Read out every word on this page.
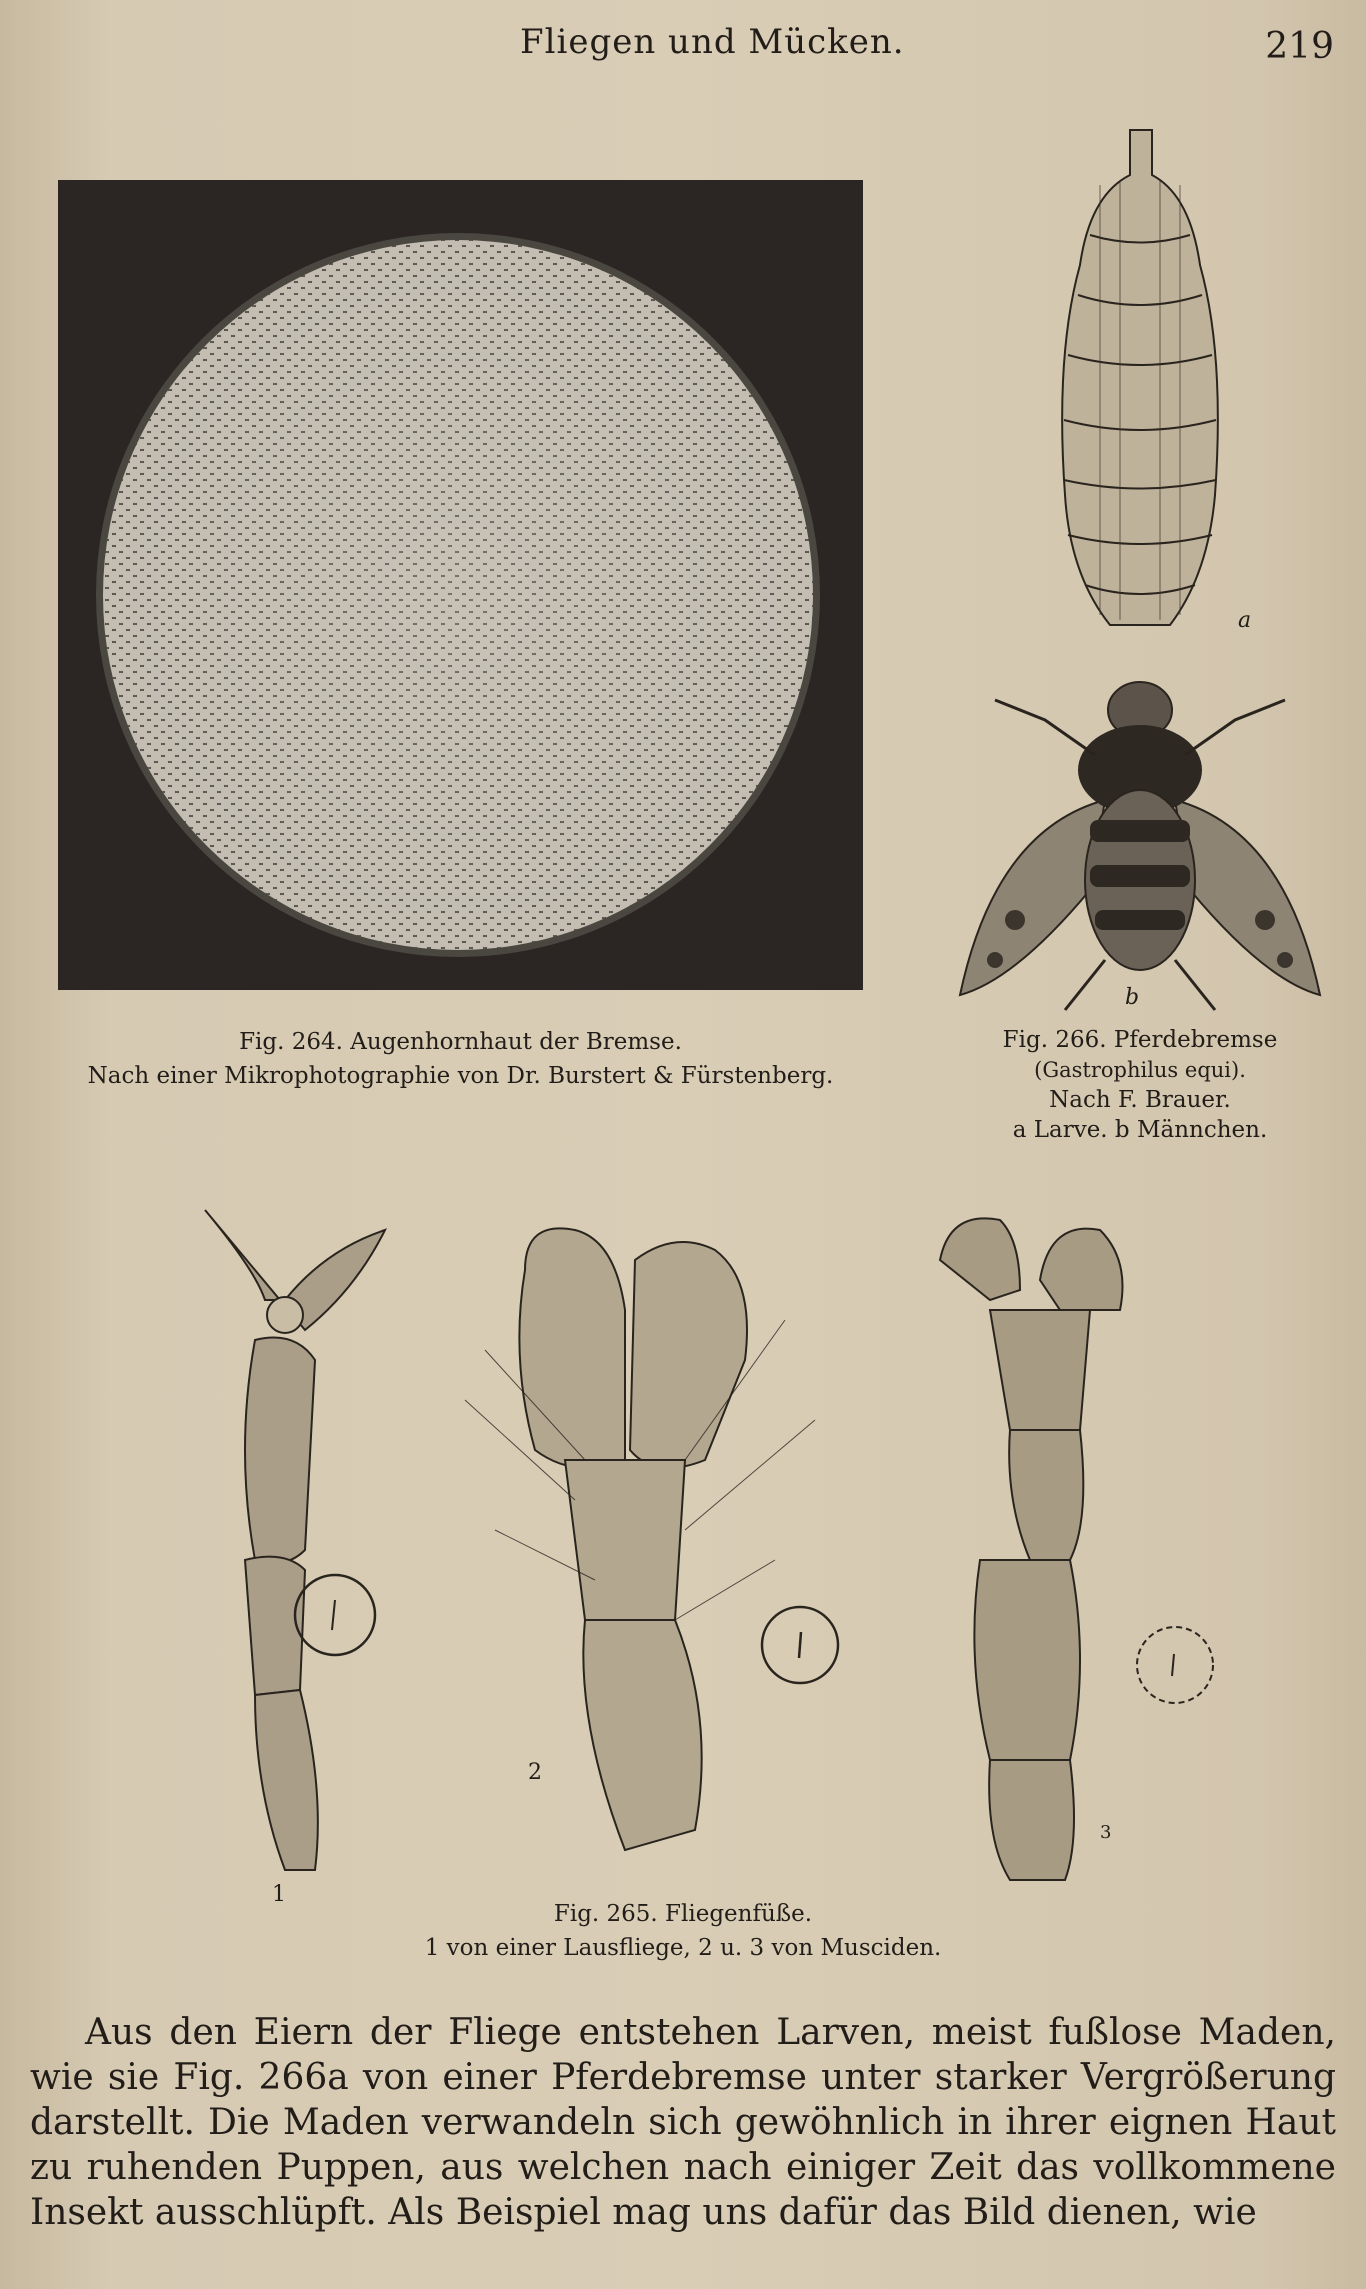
Fliegen und Mücken.	219
Fig. 264. Augenhornhaut der Bremse.
Nach einer Mikrophotographie von Dr. Burstert & Fürstenberg.
a
b
Fig. 266. Pferdebremse
(Gastrophilus equi).
Nach F. Brauer.
a Larve. b Männchen.
1
2
3
Fig. 265. Fliegenfüße.
1 von einer Lausfliege, 2 u. 3 von Musciden.

Aus den Eiern der Fliege entstehen Larven, meist fußlose Maden, wie sie Fig. 266a von einer Pferdebremse unter starker Vergrößerung darstellt. Die Maden verwandeln sich gewöhnlich in ihrer eignen Haut zu ruhenden Puppen, aus welchen nach einiger Zeit das vollkommene Insekt ausschlüpft. Als Beispiel mag uns dafür das Bild dienen, wie
